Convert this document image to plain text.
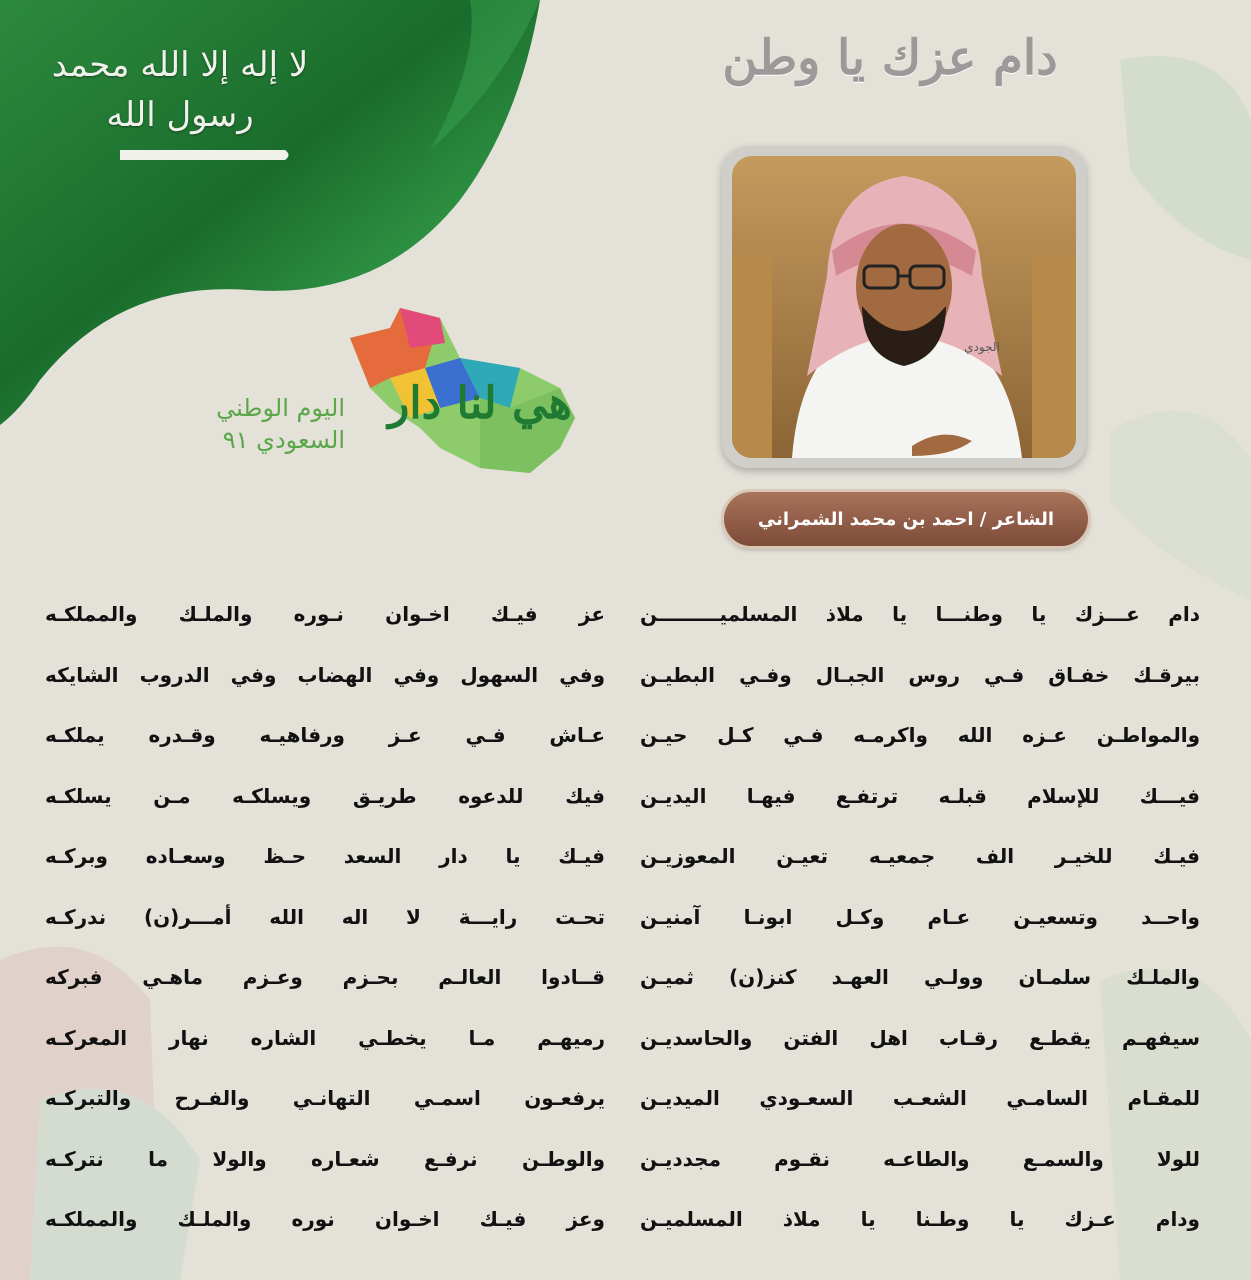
لا إله إلا الله محمد رسول الله
دام عزك يا وطن
هي لنا دار
اليوم الوطني
السعودي ٩١
الجودي
الشاعر / احمد بن محمد الشمراني
دام عـــزك يا وطنـــا يا ملاذ المسلميـــــــــن
بيرقـك خفـاق فـي روس الجبـال وفـي البطيـن
والمواطـن عـزه الله واكرمـه فـي كـل حيـن
فيـــك للإسلام قبلـه ترتفـع فيهـا اليديـن
فيـك للخيـر الف جمعيـه تعيـن المعوزيـن
واحــد وتسعيـن عـام وكـل ابونـا آمنيـن
والملـك سلمـان وولـي العهـد كنز(ن) ثميـن
سيفهـم يقطـع رقـاب اهل الفتن والحاسديـن
للمقـام السامـي الشعـب السعـودي الميديـن
للولا والسمـع والطاعـه نقـوم مجدديـن
ودام عـزك يا وطـنا يا ملاذ المسلميـن
عز فيـك اخـوان نـوره والملـك والمملكـه
وفي السهول وفي الهضاب وفي الدروب الشايكه
عـاش فـي عـز ورفاهيـه وقـدره يملكـه
فيك للدعوه طريـق ويسلكـه مـن يسلكـه
فيـك يا دار السعد حـظ وسعـاده وبركـه
تحـت رايـــة لا اله الله أمـــر(ن) ندركـه
قــادوا العالـم بحـزم وعـزم ماهـي فبركه
رميهـم مـا يخطـي الشاره نهار المعركـه
يرفعـون اسمـي التهانـي والفـرح والتبركـه
والوطـن نرفـع شعـاره والولا ما نتركـه
وعز فيـك اخـوان نوره والملـك والمملكـه
